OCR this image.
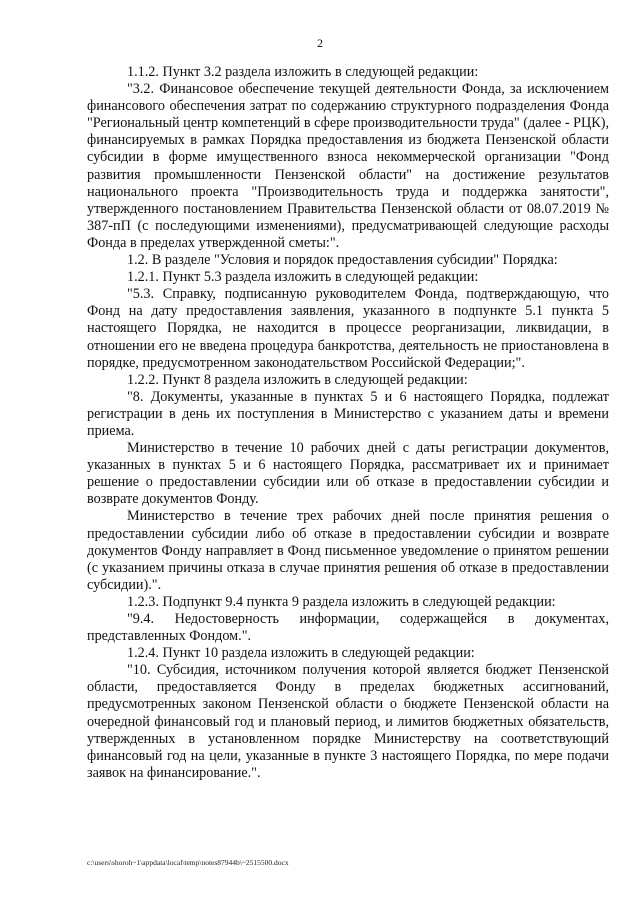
2

1.1.2. Пункт 3.2 раздела изложить в следующей редакции:

"3.2. Финансовое обеспечение текущей деятельности Фонда, за исключением финансового обеспечения затрат по содержанию структурного подразделения Фонда "Региональный центр компетенций в сфере производительности труда" (далее - РЦК), финансируемых в рамках Порядка предоставления из бюджета Пензенской области субсидии в форме имущественного взноса некоммерческой организации "Фонд развития промышленности Пензенской области" на достижение результатов национального проекта "Производительность труда и поддержка занятости", утвержденного постановлением Правительства Пензенской области от 08.07.2019 № 387-пП (с последующими изменениями), предусматривающей следующие расходы Фонда в пределах утвержденной сметы:".

1.2. В разделе "Условия и порядок предоставления субсидии" Порядка:

1.2.1. Пункт 5.3 раздела изложить в следующей редакции:

"5.3. Справку, подписанную руководителем Фонда, подтверждающую, что Фонд на дату предоставления заявления, указанного в подпункте 5.1 пункта 5 настоящего Порядка, не находится в процессе реорганизации, ликвидации, в отношении его не введена процедура банкротства, деятельность не приостановлена в порядке, предусмотренном законодательством Российской Федерации;".

1.2.2. Пункт 8 раздела изложить в следующей редакции:

"8. Документы, указанные в пунктах 5 и 6 настоящего Порядка, подлежат регистрации в день их поступления в Министерство с указанием даты и времени приема.

Министерство в течение 10 рабочих дней с даты регистрации документов, указанных в пунктах 5 и 6 настоящего Порядка, рассматривает их и принимает решение о предоставлении субсидии или об отказе в предоставлении субсидии и возврате документов Фонду.

Министерство в течение трех рабочих дней после принятия решения о предоставлении субсидии либо об отказе в предоставлении субсидии и возврате документов Фонду направляет в Фонд письменное уведомление о принятом решении (с указанием причины отказа в случае принятия решения об отказе в предоставлении субсидии).".

1.2.3. Подпункт 9.4 пункта 9 раздела изложить в следующей редакции:

"9.4. Недостоверность информации, содержащейся в документах, представленных Фондом.".

1.2.4. Пункт 10 раздела изложить в следующей редакции:

"10. Субсидия, источником получения которой является бюджет Пензенской области, предоставляется Фонду в пределах бюджетных ассигнований, предусмотренных законом Пензенской области о бюджете Пензенской области на очередной финансовый год и плановый период, и лимитов бюджетных обязательств, утвержденных в установленном порядке Министерству на соответствующий финансовый год на цели, указанные в пункте 3 настоящего Порядка, по мере подачи заявок на финансирование.".

c:\users\shoroh~1\appdata\local\temp\notes87944b\~2515500.docx
